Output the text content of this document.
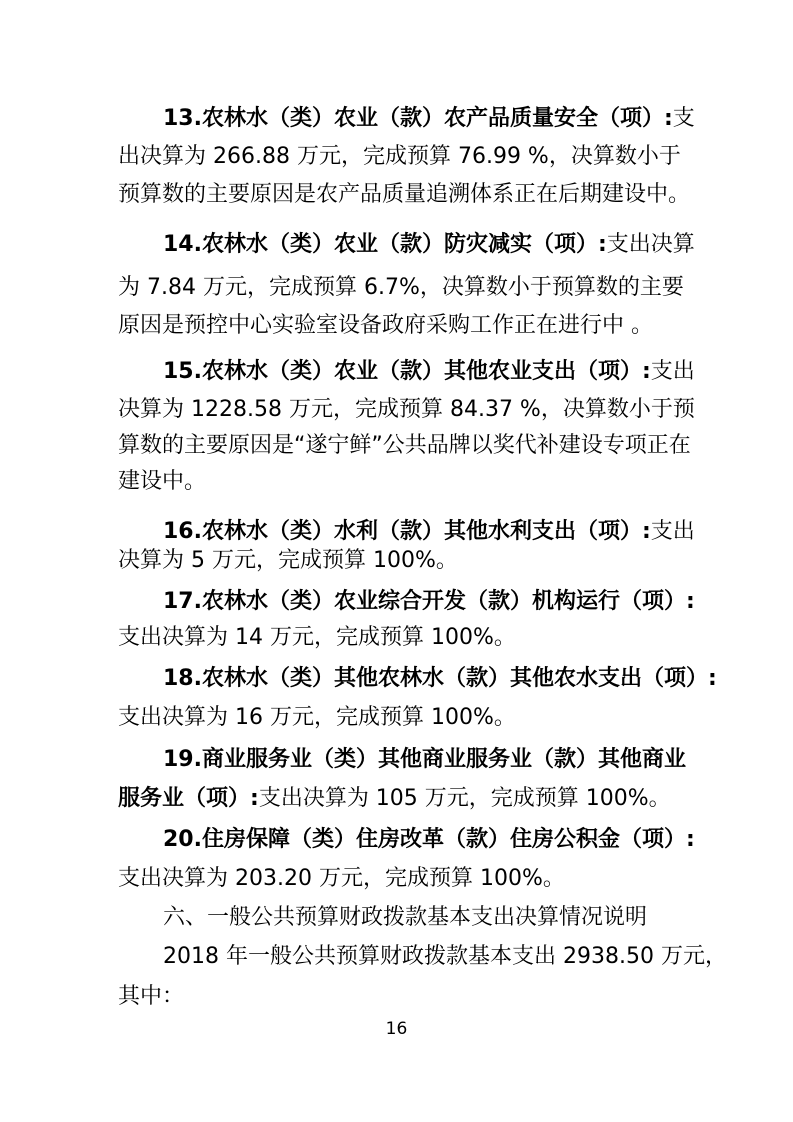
13.农林水（类）农业（款）农产品质量安全（项）:支
出决算为 266.88 万元，完成预算 76.99 %，决算数小于
预算数的主要原因是农产品质量追溯体系正在后期建设中。
14.农林水（类）农业（款）防灾减实（项）:支出决算
为 7.84 万元，完成预算 6.7%，决算数小于预算数的主要
原因是预控中心实验室设备政府采购工作正在进行中 。
15.农林水（类）农业（款）其他农业支出（项）:支出
决算为 1228.58 万元，完成预算 84.37 %，决算数小于预
算数的主要原因是“遂宁鲜”公共品牌以奖代补建设专项正在
建设中。
16.农林水（类）水利（款）其他水利支出（项）:支出
决算为 5 万元，完成预算 100%。
17.农林水（类）农业综合开发（款）机构运行（项）:
支出决算为 14 万元，完成预算 100%。
18.农林水（类）其他农林水（款）其他农水支出（项）:
支出决算为 16 万元，完成预算 100%。
19.商业服务业（类）其他商业服务业（款）其他商业
服务业（项）:支出决算为 105 万元，完成预算 100%。
20.住房保障（类）住房改革（款）住房公积金（项）:
支出决算为 203.20 万元，完成预算 100%。
六、一般公共预算财政拨款基本支出决算情况说明
2018 年一般公共预算财政拨款基本支出 2938.50 万元，
其中：
16
